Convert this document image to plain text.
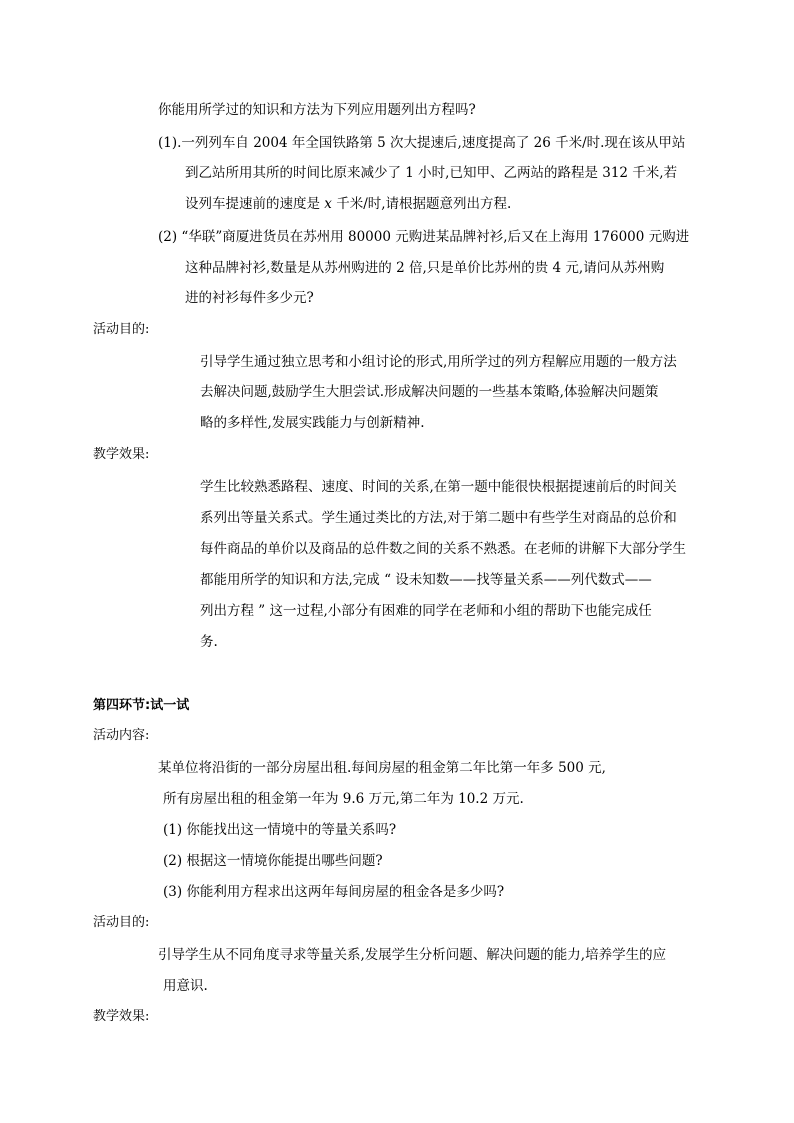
你能用所学过的知识和方法为下列应用题列出方程吗?
(1).一列列车自 2004 年全国铁路第 5 次大提速后,速度提高了 26 千米/时.现在该从甲站
到乙站所用其所的时间比原来减少了 1 小时,已知甲、乙两站的路程是 312 千米,若
设列车提速前的速度是 x 千米/时,请根据题意列出方程.
(2) “华联”商厦进货员在苏州用 80000 元购进某品牌衬衫,后又在上海用 176000 元购进
这种品牌衬衫,数量是从苏州购进的 2 倍,只是单价比苏州的贵 4 元,请问从苏州购
进的衬衫每件多少元?
活动目的:
引导学生通过独立思考和小组讨论的形式,用所学过的列方程解应用题的一般方法
去解决问题,鼓励学生大胆尝试.形成解决问题的一些基本策略,体验解决问题策
略的多样性,发展实践能力与创新精神.
教学效果:
学生比较熟悉路程、速度、时间的关系,在第一题中能很快根据提速前后的时间关
系列出等量关系式。学生通过类比的方法,对于第二题中有些学生对商品的总价和
每件商品的单价以及商品的总件数之间的关系不熟悉。在老师的讲解下大部分学生
都能用所学的知识和方法,完成 “ 设未知数——找等量关系——列代数式——
列出方程 ” 这一过程,小部分有困难的同学在老师和小组的帮助下也能完成任
务.
第四环节:试一试
活动内容:
某单位将沿街的一部分房屋出租.每间房屋的租金第二年比第一年多 500 元,
所有房屋出租的租金第一年为 9.6 万元,第二年为 10.2 万元.
(1) 你能找出这一情境中的等量关系吗?
(2) 根据这一情境你能提出哪些问题?
(3) 你能利用方程求出这两年每间房屋的租金各是多少吗?
活动目的:
引导学生从不同角度寻求等量关系,发展学生分析问题、解决问题的能力,培养学生的应
用意识.
教学效果:
